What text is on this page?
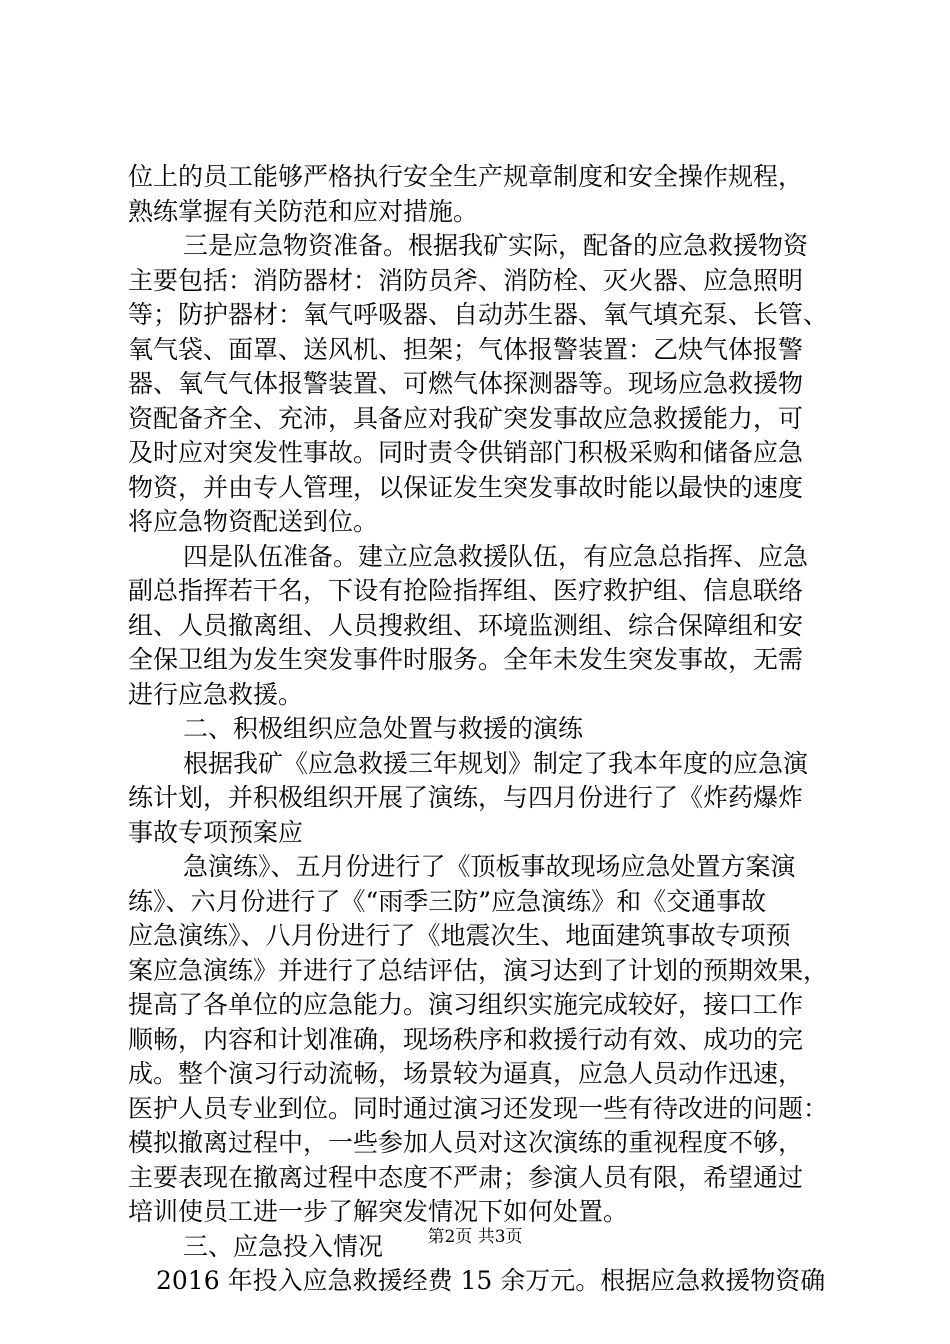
位上的员工能够严格执行安全生产规章制度和安全操作规程，
熟练掌握有关防范和应对措施。
三是应急物资准备。根据我矿实际，配备的应急救援物资
主要包括：消防器材：消防员斧、消防栓、灭火器、应急照明
等；防护器材：氧气呼吸器、自动苏生器、氧气填充泵、长管、
氧气袋、面罩、送风机、担架；气体报警装置：乙炔气体报警
器、氧气气体报警装置、可燃气体探测器等。现场应急救援物
资配备齐全、充沛，具备应对我矿突发事故应急救援能力，可
及时应对突发性事故。同时责令供销部门积极采购和储备应急
物资，并由专人管理，以保证发生突发事故时能以最快的速度
将应急物资配送到位。
四是队伍准备。建立应急救援队伍，有应急总指挥、应急
副总指挥若干名，下设有抢险指挥组、医疗救护组、信息联络
组、人员撤离组、人员搜救组、环境监测组、综合保障组和安
全保卫组为发生突发事件时服务。全年未发生突发事故，无需
进行应急救援。
二、积极组织应急处置与救援的演练
根据我矿《应急救援三年规划》制定了我本年度的应急演
练计划，并积极组织开展了演练，与四月份进行了《炸药爆炸
事故专项预案应
急演练》、五月份进行了《顶板事故现场应急处置方案演
练》、六月份进行了《“雨季三防”应急演练》和《交通事故
应急演练》、八月份进行了《地震次生、地面建筑事故专项预
案应急演练》并进行了总结评估，演习达到了计划的预期效果，
提高了各单位的应急能力。演习组织实施完成较好，接口工作
顺畅，内容和计划准确，现场秩序和救援行动有效、成功的完
成。整个演习行动流畅，场景较为逼真，应急人员动作迅速，
医护人员专业到位。同时通过演习还发现一些有待改进的问题：
模拟撤离过程中，一些参加人员对这次演练的重视程度不够，
主要表现在撤离过程中态度不严肃；参演人员有限，希望通过
培训使员工进一步了解突发情况下如何处置。
三、应急投入情况
2016 年投入应急救援经费 15 余万元。根据应急救援物资确
第2页 共3页
